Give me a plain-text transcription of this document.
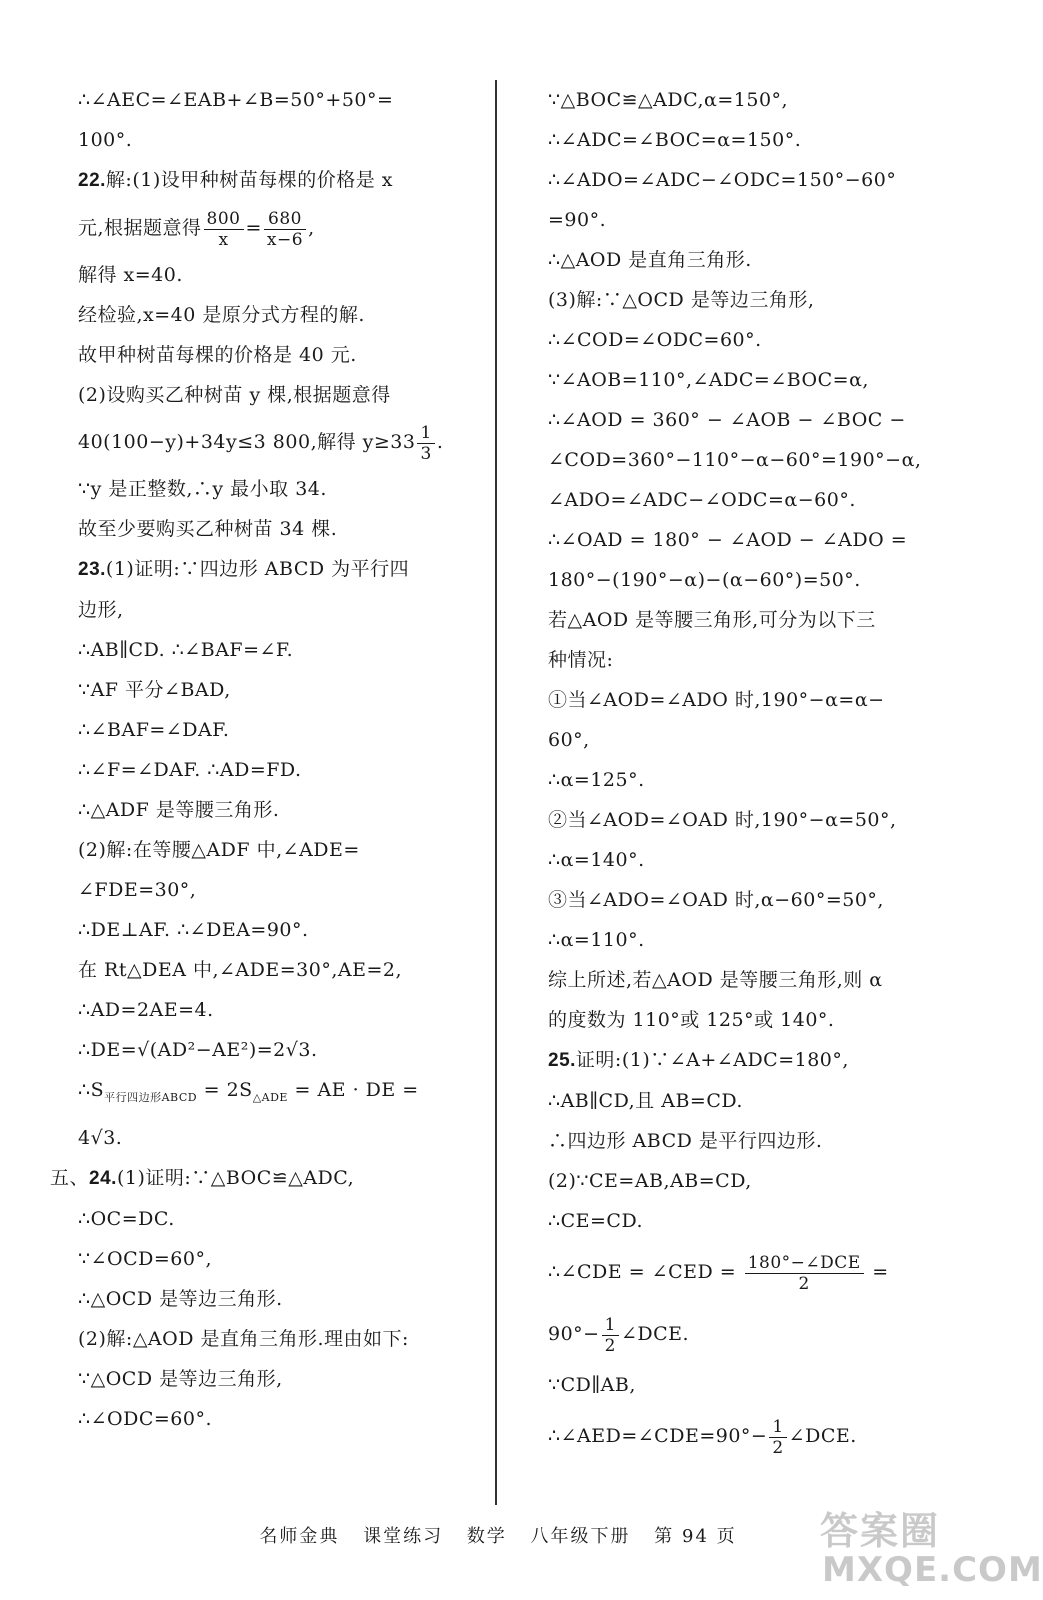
∴∠AEC=∠EAB+∠B=50°+50°=
100°.
22.解:(1)设甲种树苗每棵的价格是 x
元,根据题意得 $\frac{800}{x} = \frac{680}{x-6}$ ,
解得 x=40.
经检验,x=40 是原分式方程的解.
故甲种树苗每棵的价格是 40 元.
(2)设购买乙种树苗 y 棵,根据题意得
40(100−y)+34y≤3 800,解得 $y\ge 33 \frac{1}{3}$ .
∵y 是正整数,∴y 最小取 34.
故至少要购买乙种树苗 34 棵.
23.(1)证明:∵四边形 ABCD 为平行四
边形,
∴AB∥CD. ∴∠BAF=∠F.
∵AF 平分∠BAD,
∴∠BAF=∠DAF.
∴∠F=∠DAF. ∴AD=FD.
∴△ADF 是等腰三角形.
(2)解:在等腰△ADF 中,∠ADE=
∠FDE=30°,
∴DE⊥AF. ∴∠DEA=90°.
在 Rt△DEA 中,∠ADE=30°,AE=2,
∴AD=2AE=4.
∴DE=√(AD²−AE²)=2√3.
$\therefore S_{平行四边形ABCD} = 2S_{\triangle ADE}$ = AE · DE =
4√3.
五、24.(1)证明:∵△BOC≌△ADC,
∴OC=DC.
∵∠OCD=60°,
∴△OCD 是等边三角形.
(2)解:△AOD 是直角三角形.理由如下:
∵△OCD 是等边三角形,
∴∠ODC=60°.
∵△BOC≌△ADC,α=150°,
∴∠ADC=∠BOC=α=150°.
∴∠ADO=∠ADC−∠ODC=150°−60°
=90°.
∴△AOD 是直角三角形.
(3)解:∵△OCD 是等边三角形,
∴∠COD=∠ODC=60°.
∵∠AOB=110°,∠ADC=∠BOC=α,
∴∠AOD = 360° − ∠AOB − ∠BOC −
∠COD=360°−110°−α−60°=190°−α,
∠ADO=∠ADC−∠ODC=α−60°.
∴∠OAD = 180° − ∠AOD − ∠ADO =
180°−(190°−α)−(α−60°)=50°.
若△AOD 是等腰三角形,可分为以下三
种情况:
①当∠AOD=∠ADO 时,190°−α=α−
60°,
∴α=125°.
②当∠AOD=∠OAD 时,190°−α=50°,
∴α=140°.
③当∠ADO=∠OAD 时,α−60°=50°,
∴α=110°.
综上所述,若△AOD 是等腰三角形,则 α
的度数为 110°或 125°或 140°.
25.证明:(1)∵∠A+∠ADC=180°,
∴AB∥CD,且 AB=CD.
∴四边形 ABCD 是平行四边形.
(2)∵CE=AB,AB=CD,
∴CE=CD.
∴∠CDE = ∠CED = $\frac{\text{180°−∠DCE}}{2}$ =
$90^\circ- \frac{1}{2}$ ∠DCE.
∵CD∥AB,
∴∠AED=∠CDE=90°− $\frac{1}{2}$ ∠DCE.
名师金典 课堂练习 数学 八年级下册 第 94 页	答案圈
MXQE.COM
